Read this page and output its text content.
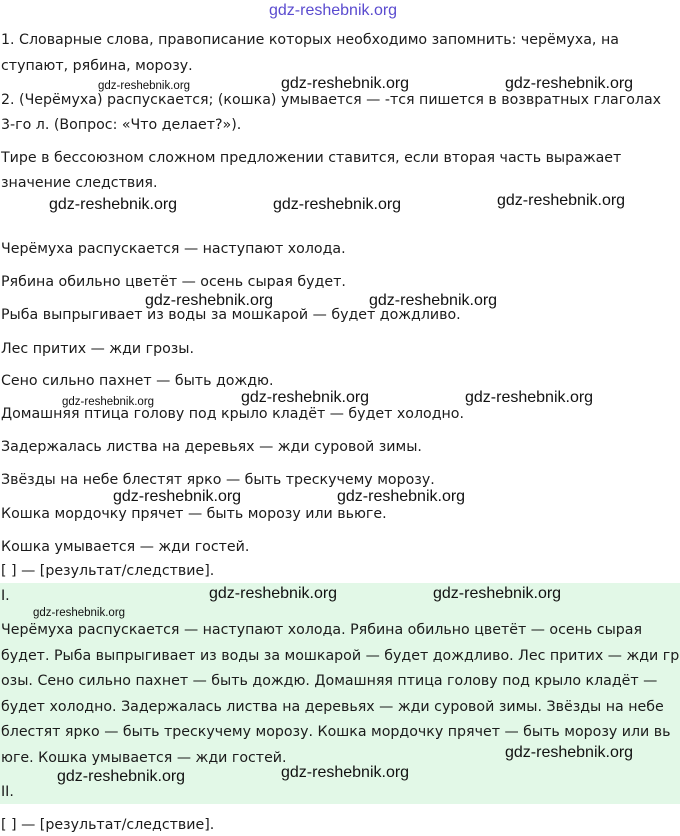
gdz-reshebnik.org
1. Словарные слова, правописание которых необходимо запомнить: черёмуха, на
ступают, рябина, морозу.
2. (Черёмуха) распускается; (кошка) умывается — -тся пишется в возвратных глаголах
3-го л. (Вопрос: «Что делает?»).
Тире в бессоюзном сложном предложении ставится, если вторая часть выражает
значение следствия.
Черёмуха распускается — наступают холода.
Рябина обильно цветёт — осень сырая будет.
Рыба выпрыгивает из воды за мошкарой — будет дождливо.
Лес притих — жди грозы.
Сено сильно пахнет — быть дождю.
Домашняя птица голову под крыло кладёт — будет холодно.
Задержалась листва на деревьях — жди суровой зимы.
Звёзды на небе блестят ярко — быть трескучему морозу.
Кошка мордочку прячет — быть морозу или вьюге.
Кошка умывается — жди гостей.
[ ] — [результат/следствие].
I.
Черёмуха распускается — наступают холода. Рябина обильно цветёт — осень сырая
будет. Рыба выпрыгивает из воды за мошкарой — будет дождливо. Лес притих — жди гр
озы. Сено сильно пахнет — быть дождю. Домашняя птица голову под крыло кладёт —
будет холодно. Задержалась листва на деревьях — жди суровой зимы. Звёзды на небе
блестят ярко — быть трескучему морозу. Кошка мордочку прячет — быть морозу или вь
юге. Кошка умывается — жди гостей.
II.
[ ] — [результат/следствие].
gdz-reshebnik.org	gdz-reshebnik.org	gdz-reshebnik.org
gdz-reshebnik.org	gdz-reshebnik.org	gdz-reshebnik.org
gdz-reshebnik.org	gdz-reshebnik.org
gdz-reshebnik.org	gdz-reshebnik.org	gdz-reshebnik.org
gdz-reshebnik.org	gdz-reshebnik.org
gdz-reshebnik.org	gdz-reshebnik.org
gdz-reshebnik.org
gdz-reshebnik.org
gdz-reshebnik.org
gdz-reshebnik.org
